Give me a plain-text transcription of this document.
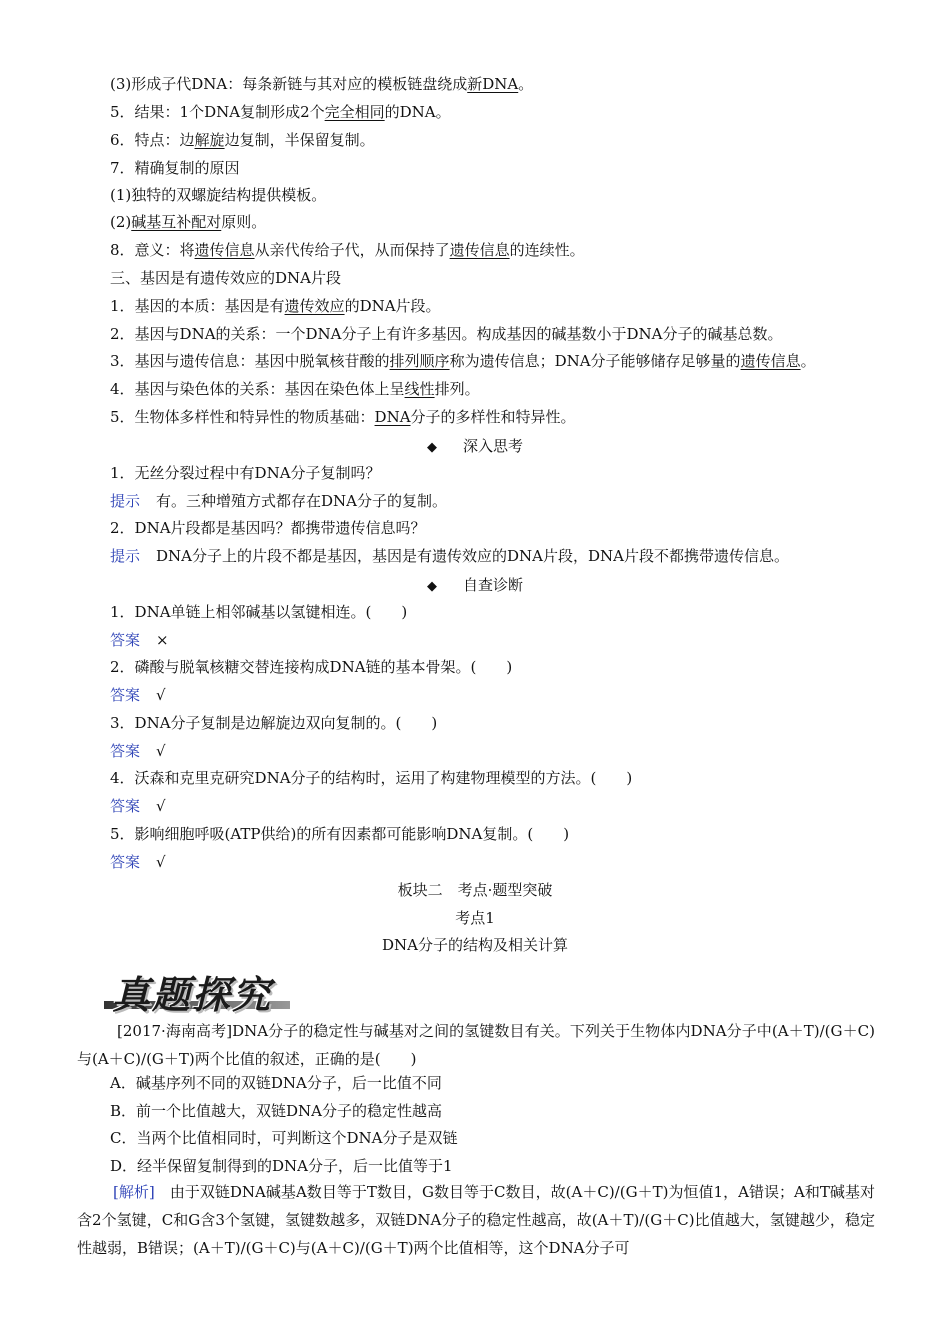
(3)形成子代DNA：每条新链与其对应的模板链盘绕成新DNA。
5．结果：1个DNA复制形成2个完全相同的DNA。
6．特点：边解旋边复制，半保留复制。
7．精确复制的原因
(1)独特的双螺旋结构提供模板。
(2)碱基互补配对原则。
8．意义：将遗传信息从亲代传给子代，从而保持了遗传信息的连续性。
三、基因是有遗传效应的DNA片段
1．基因的本质：基因是有遗传效应的DNA片段。
2．基因与DNA的关系：一个DNA分子上有许多基因。构成基因的碱基数小于DNA分子的碱基总数。
3．基因与遗传信息：基因中脱氧核苷酸的排列顺序称为遗传信息；DNA分子能够储存足够量的遗传信息。
4．基因与染色体的关系：基因在染色体上呈线性排列。
5．生物体多样性和特异性的物质基础：DNA分子的多样性和特异性。
◆ 深入思考
1．无丝分裂过程中有DNA分子复制吗？
提示 有。三种增殖方式都存在DNA分子的复制。
2．DNA片段都是基因吗？都携带遗传信息吗？
提示 DNA分子上的片段不都是基因，基因是有遗传效应的DNA片段，DNA片段不都携带遗传信息。
◆ 自查诊断
1．DNA单链上相邻碱基以氢键相连。(　　)
答案 ×
2．磷酸与脱氧核糖交替连接构成DNA链的基本骨架。(　　)
答案 √
3．DNA分子复制是边解旋边双向复制的。(　　)
答案 √
4．沃森和克里克研究DNA分子的结构时，运用了构建物理模型的方法。(　　)
答案 √
5．影响细胞呼吸(ATP供给)的所有因素都可能影响DNA复制。(　　)
答案 √
板块二　考点·题型突破
考点1
DNA分子的结构及相关计算
真题探究
[2017·海南高考]DNA分子的稳定性与碱基对之间的氢键数目有关。下列关于生物体内DNA分子中(A＋T)/(G＋C)与(A＋C)/(G＋T)两个比值的叙述，正确的是(　　)
A．碱基序列不同的双链DNA分子，后一比值不同
B．前一个比值越大，双链DNA分子的稳定性越高
C．当两个比值相同时，可判断这个DNA分子是双链
D．经半保留复制得到的DNA分子，后一比值等于1
[解析]　 由于双链DNA碱基A数目等于T数目，G数目等于C数目，故(A＋C)/(G＋T)为恒值1，A错误；A和T碱基对含2个氢键，C和G含3个氢键，氢键数越多，双链DNA分子的稳定性越高，故(A＋T)/(G＋C)比值越大，氢键越少，稳定性越弱，B错误；(A＋T)/(G＋C)与(A＋C)/(G＋T)两个比值相等，这个DNA分子可
